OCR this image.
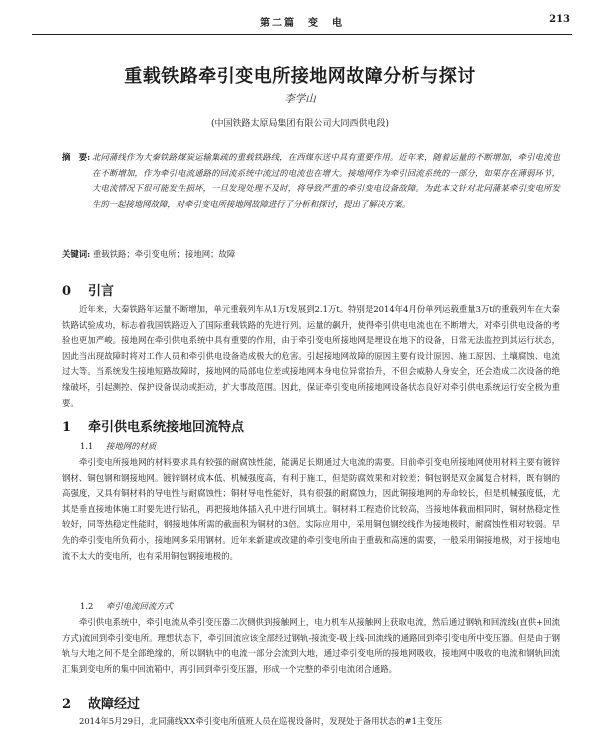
第二篇　变　电	213
重载铁路牵引变电所接地网故障分析与探讨
李学山
(中国铁路太原局集团有限公司大同西供电段)
摘　要: 北同蒲线作为大秦铁路煤炭运输集疏的重载铁路线，在西煤东送中具有重要作用。近年来，随着运量的不断增加，牵引电流也在不断增加，作为牵引电流通路的回流系统中流过的电流也在增大。接地网作为牵引回流系统的一部分，如果存在薄弱环节，大电流情况下很可能发生损坏，一旦发现处理不及时，将导致严重的牵引变电设备故障。为此本文针对北同蒲某牵引变电所发生的一起接地网故障，对牵引变电所接地网故障进行了分析和探讨，提出了解决方案。
关键词: 重载铁路；牵引变电所；接地网；故障
0 引言
近年来，大秦铁路年运量不断增加，单元重载列车从1万t发展到2.1万t。特别是2014年4月份单列运载重量3万t的重载列车在大秦铁路试验成功，标志着我国铁路迈入了国际重载铁路的先进行列。运量的飙升，使得牵引供电电流也在不断增大，对牵引供电设备的考验也更加严峻。接地网在牵引供电系统中具有重要的作用，由于牵引变电所接地网是埋设在地下的设备，日常无法监控到其运行状态，因此当出现故障时将对工作人员和牵引供电设备造成极大的危害。引起接地网故障的原因主要有设计原因、施工原因、土壤腐蚀、电流过大等。当系统发生接地短路故障时，接地网的局部电位差或接地网本身电位异常抬升，不但会威胁人身安全，还会造成二次设备的绝缘破坏，引起测控、保护设备误动或拒动，扩大事故范围。因此，保证牵引变电所接地网设备状态良好对牵引供电系统运行安全极为重要。
1 牵引供电系统接地回流特点
1.1 接地网的材质
牵引变电所接地网的材料要求具有较强的耐腐蚀性能，能满足长期通过大电流的需要。目前牵引变电所接地网使用材料主要有镀锌钢材、铜包钢和钢接地网。镀锌钢材成本低、机械强度高，有利于施工，但是防腐效果和对较差；铜包钢是双金属复合材料，既有钢的高强度，又具有铜材料的导电性与耐腐蚀性；铜材导电性能好，具有很强的耐腐蚀力，因此铜接地网的寿命较长，但是机械强度低，尤其是垂直接地体施工时要先进行钻孔，再把接地体插入孔中进行回填土。铜材料工程造价比较高，当接地体截面相同时，铜材热稳定性较好，同等热稳定性能时，钢接地体所需的截面积为铜材的3倍。实际应用中，采用铜包钢绞线作为接地极时，耐腐蚀性相对较弱。早先的牵引变电所负荷小，接地网多采用钢材。近年来新建或改建的牵引变电所由于重载和高速的需要，一般采用铜接地极，对于接地电流不太大的变电所，也有采用铜包钢接地极的。
1.2 牵引电流回流方式
牵引供电系统中，牵引电流从牵引变压器二次侧供到接触网上，电力机车从接触网上获取电流，然后通过钢轨和回流线(直供+回流方式)流回到牵引变电所。理想状态下，牵引回流应该全部经过钢轨-接流变-吸上线-回流线的通路回到牵引变电所中变压器。但是由于钢轨与大地之间不是全部绝缘的，所以钢轨中的电流一部分会流到大地，通过牵引变电所的接地网吸收，接地网中吸收的电流和钢轨回流汇集到变电所的集中回流箱中，再引回到牵引变压器，形成一个完整的牵引电流闭合通路。
2 故障经过
2014年5月29日，北同蒲线XX牵引变电所值班人员在巡视设备时，发现处于备用状态的#1主变压
